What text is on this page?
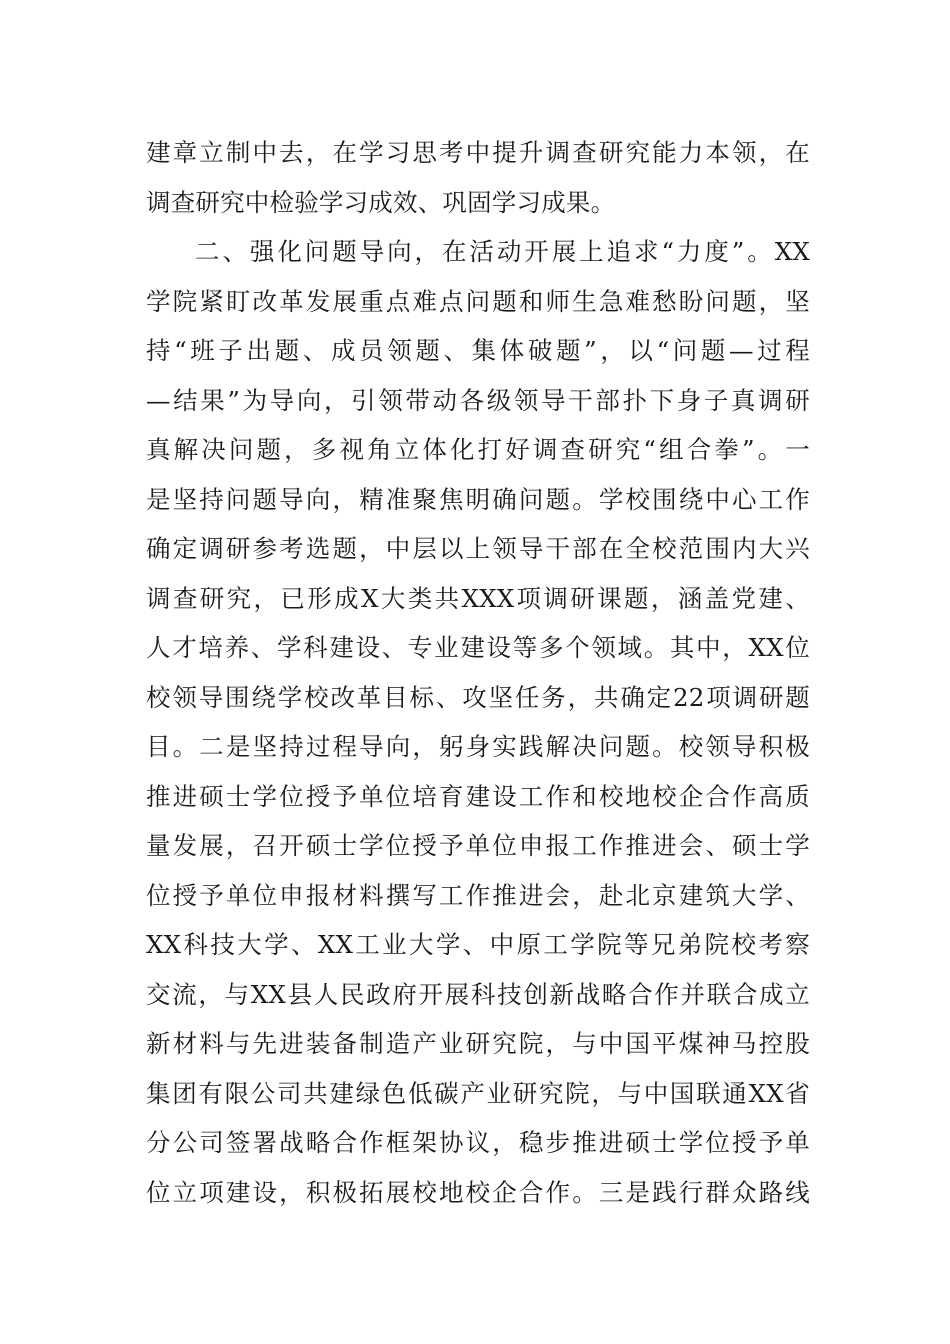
建章立制中去，在学习思考中提升调查研究能力本领，在
调查研究中检验学习成效、巩固学习成果。
二、强化问题导向，在活动开展上追求“力度”。XX
学院紧盯改革发展重点难点问题和师生急难愁盼问题，坚
持“班子出题、成员领题、集体破题”，以“问题—过程
—结果”为导向，引领带动各级领导干部扑下身子真调研
真解决问题，多视角立体化打好调查研究“组合拳”。一
是坚持问题导向，精准聚焦明确问题。学校围绕中心工作
确定调研参考选题，中层以上领导干部在全校范围内大兴
调查研究，已形成X大类共XXX项调研课题，涵盖党建、
人才培养、学科建设、专业建设等多个领域。其中，XX位
校领导围绕学校改革目标、攻坚任务，共确定22项调研题
目。二是坚持过程导向，躬身实践解决问题。校领导积极
推进硕士学位授予单位培育建设工作和校地校企合作高质
量发展，召开硕士学位授予单位申报工作推进会、硕士学
位授予单位申报材料撰写工作推进会，赴北京建筑大学、
XX科技大学、XX工业大学、中原工学院等兄弟院校考察
交流，与XX县人民政府开展科技创新战略合作并联合成立
新材料与先进装备制造产业研究院，与中国平煤神马控股
集团有限公司共建绿色低碳产业研究院，与中国联通XX省
分公司签署战略合作框架协议，稳步推进硕士学位授予单
位立项建设，积极拓展校地校企合作。三是践行群众路线
